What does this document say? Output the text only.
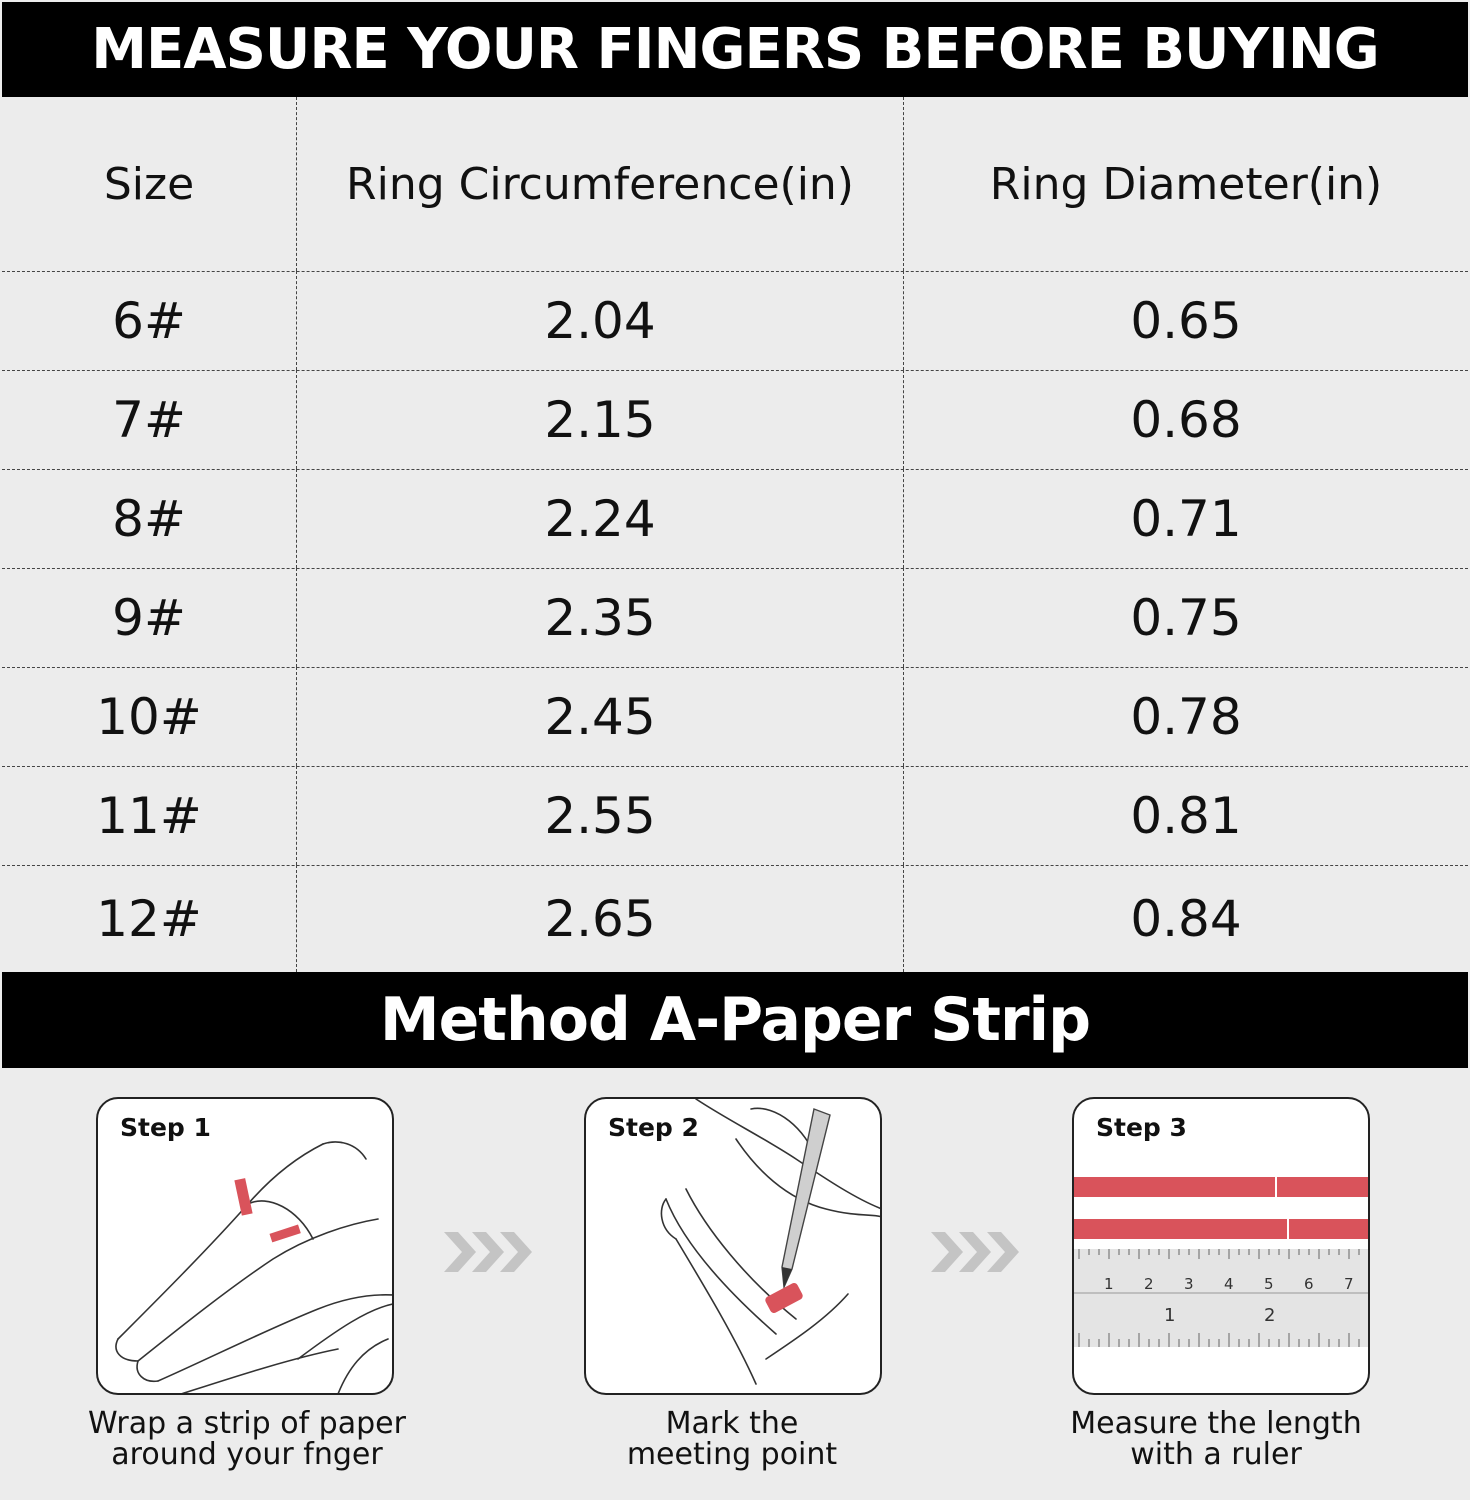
MEASURE YOUR FINGERS BEFORE BUYING
Size	Ring Circumference(in)	Ring Diameter(in)
6#	2.04	0.65
7#	2.15	0.68
8#	2.24	0.71
9#	2.35	0.75
10#	2.45	0.78
11#	2.55	0.81
12#	2.65	0.84
Method A-Paper Strip
Step 1
Wrap a strip of paper
around your fnger
Step 2
Mark the
meeting point
1 2 3 4 5 6 7
1	2
Step 3
Measure the length
with a ruler
